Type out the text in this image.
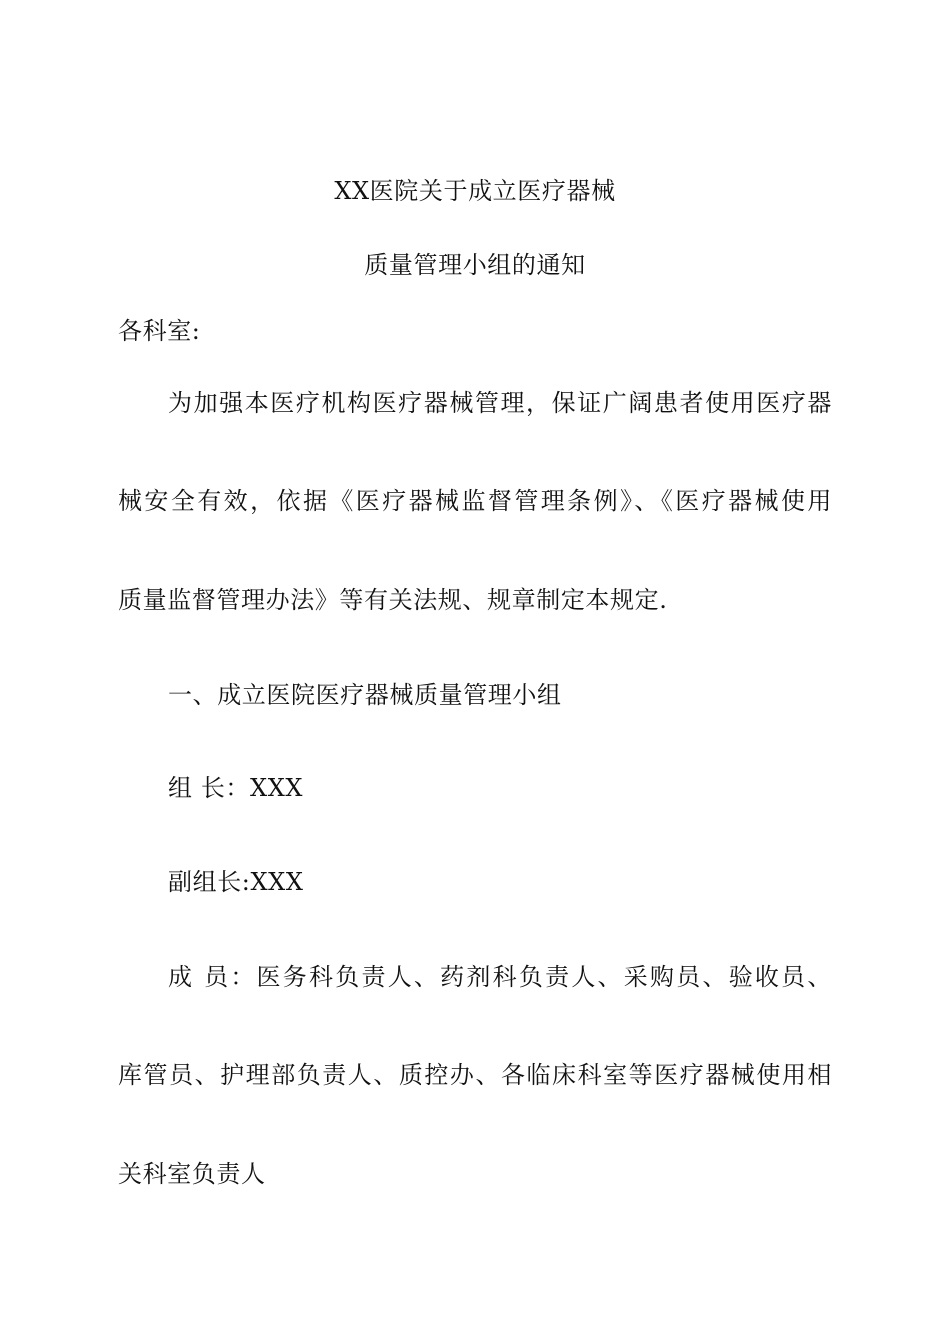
XX医院关于成立医疗器械
质量管理小组的通知
各科室:
为加强本医疗机构医疗器械管理，保证广阔患者使用医疗器
械安全有效，依据《医疗器械监督管理条例》、《医疗器械使用
质量监督管理办法》等有关法规、规章制定本规定.
一、成立医院医疗器械质量管理小组
组 长：XXX
副组长:XXX
成 员：医务科负责人、药剂科负责人、采购员、验收员、
库管员、护理部负责人、质控办、各临床科室等医疗器械使用相
关科室负责人
